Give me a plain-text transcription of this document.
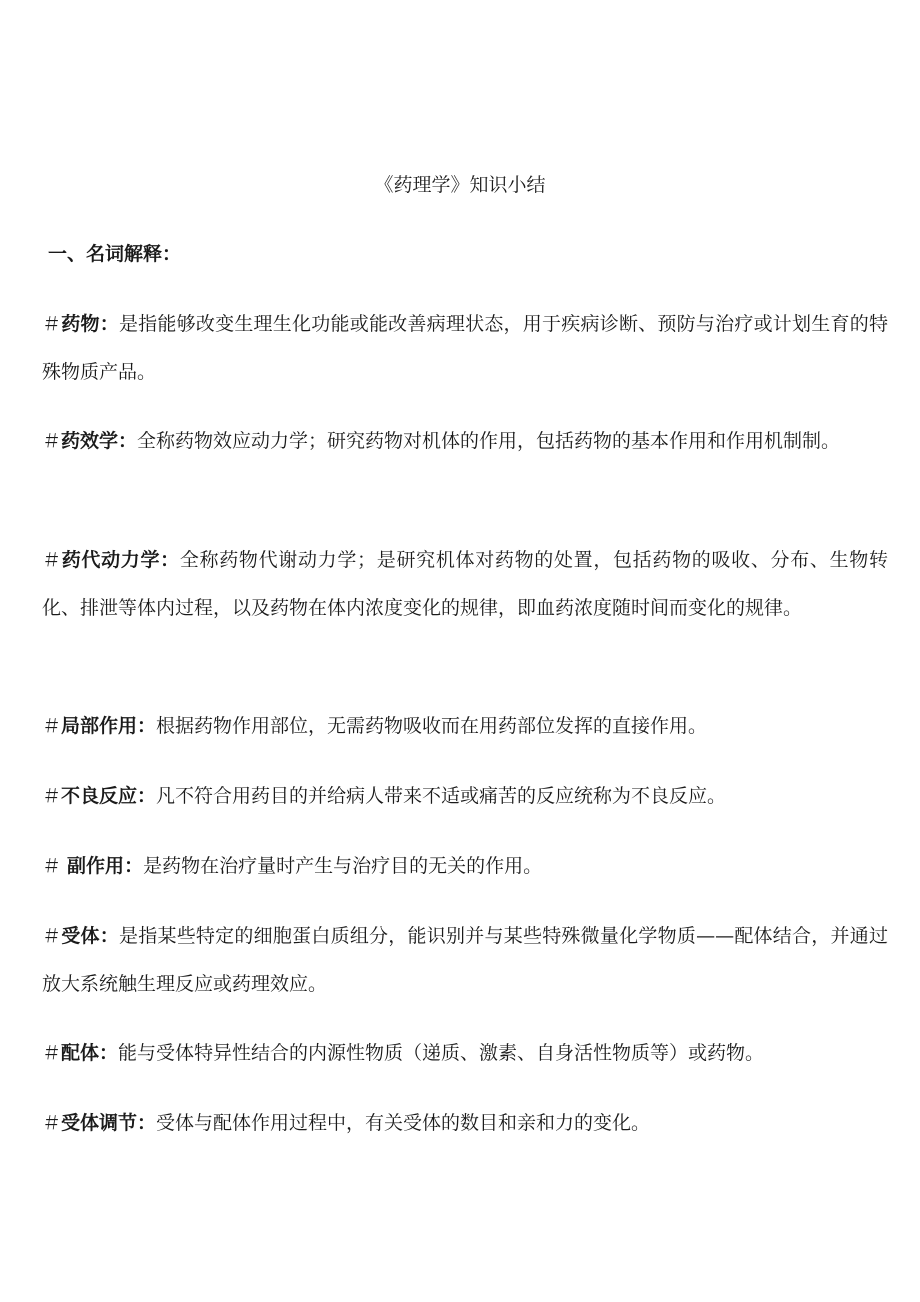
《药理学》知识小结
一、名词解释：

＃药物：是指能够改变生理生化功能或能改善病理状态，用于疾病诊断、预防与治疗或计划生育的特殊物质产品。

＃药效学：全称药物效应动力学；研究药物对机体的作用，包括药物的基本作用和作用机制制。

＃药代动力学：全称药物代谢动力学；是研究机体对药物的处置，包括药物的吸收、分布、生物转化、排泄等体内过程，以及药物在体内浓度变化的规律，即血药浓度随时间而变化的规律。

＃局部作用：根据药物作用部位，无需药物吸收而在用药部位发挥的直接作用。

＃不良反应：凡不符合用药目的并给病人带来不适或痛苦的反应统称为不良反应。

＃ 副作用：是药物在治疗量时产生与治疗目的无关的作用。

＃受体：是指某些特定的细胞蛋白质组分，能识别并与某些特殊微量化学物质——配体结合，并通过放大系统触生理反应或药理效应。

＃配体：能与受体特异性结合的内源性物质（递质、激素、自身活性物质等）或药物。

＃受体调节：受体与配体作用过程中，有关受体的数目和亲和力的变化。
